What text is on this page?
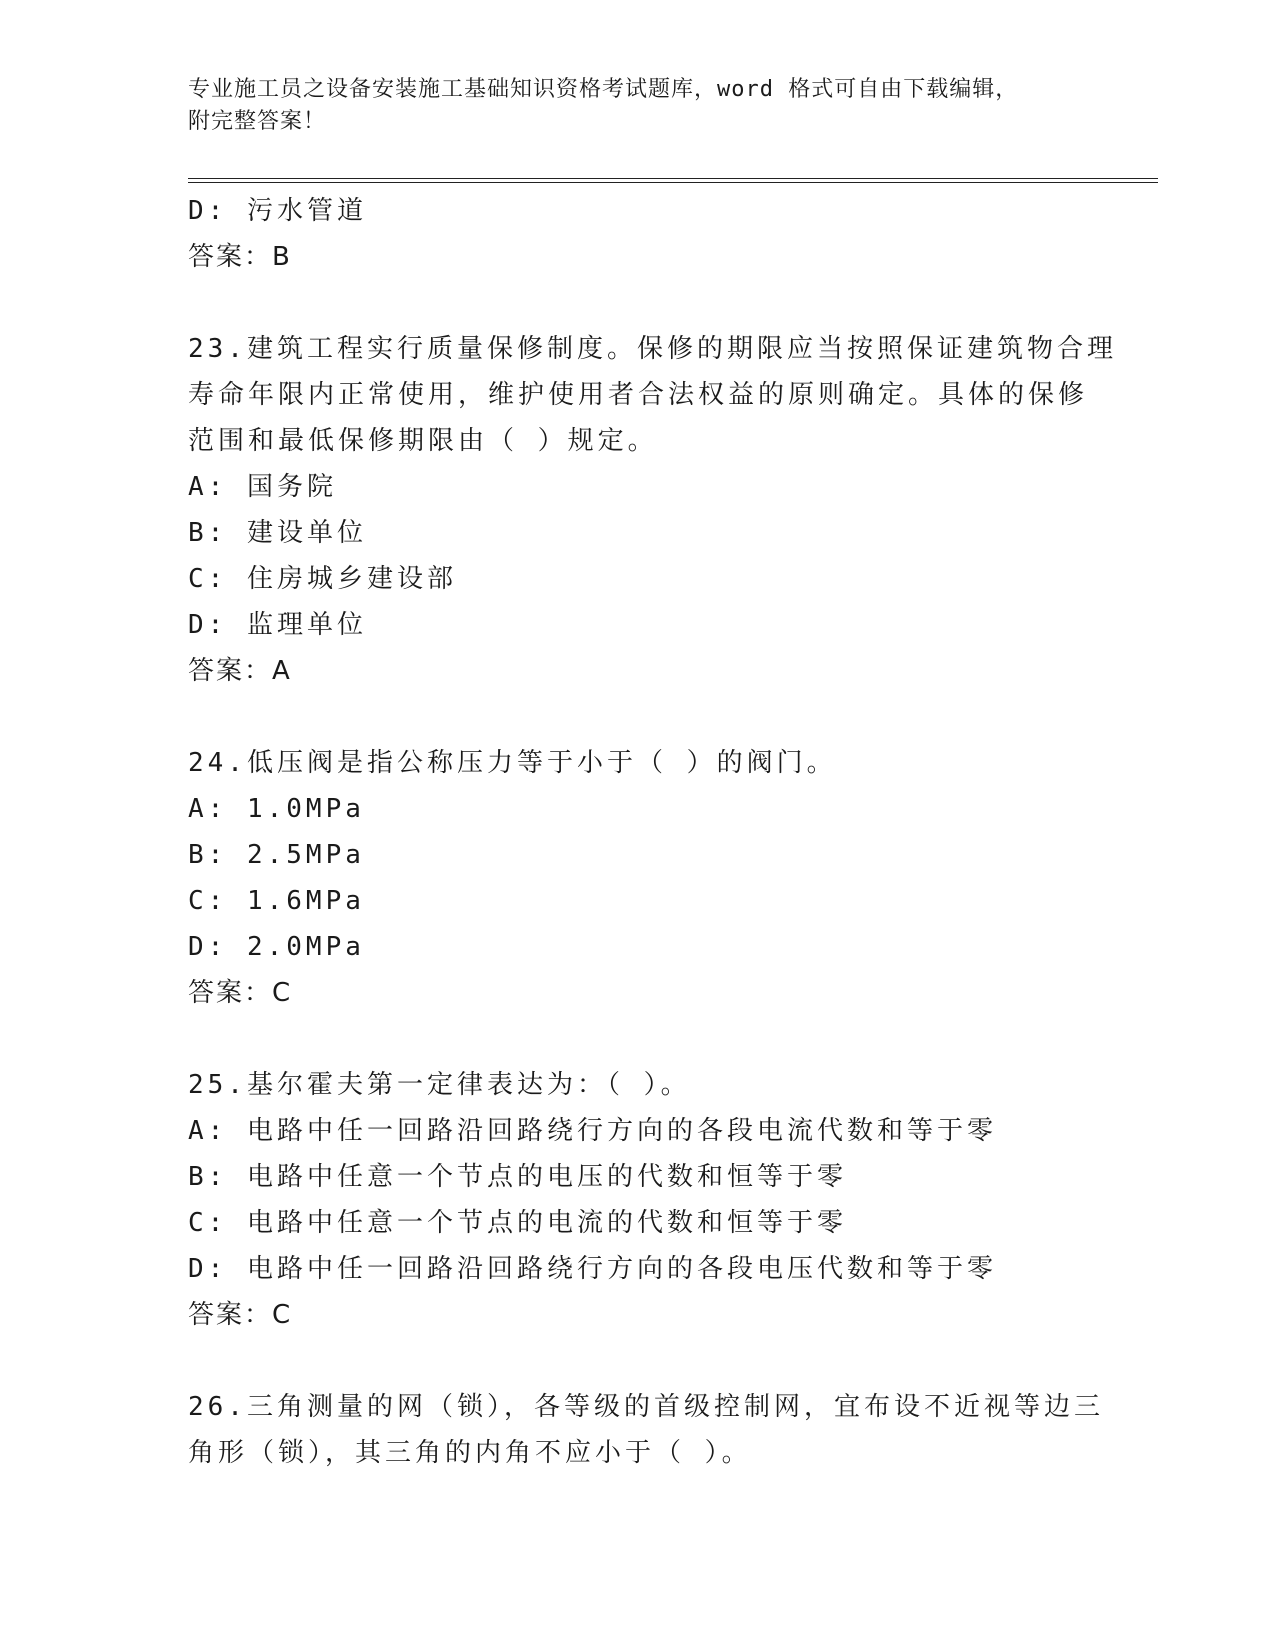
专业施工员之设备安装施工基础知识资格考试题库，word 格式可自由下载编辑，
附完整答案！
D: 污水管道
答案：B
23.建筑工程实行质量保修制度。保修的期限应当按照保证建筑物合理
寿命年限内正常使用，维护使用者合法权益的原则确定。具体的保修
范围和最低保修期限由（ ）规定。
A: 国务院
B: 建设单位
C: 住房城乡建设部
D: 监理单位
答案：A
24.低压阀是指公称压力等于小于（ ）的阀门。
A: 1.0MPa
B: 2.5MPa
C: 1.6MPa
D: 2.0MPa
答案：C
25.基尔霍夫第一定律表达为：（ ）。
A: 电路中任一回路沿回路绕行方向的各段电流代数和等于零
B: 电路中任意一个节点的电压的代数和恒等于零
C: 电路中任意一个节点的电流的代数和恒等于零
D: 电路中任一回路沿回路绕行方向的各段电压代数和等于零
答案：C
26.三角测量的网（锁），各等级的首级控制网，宜布设不近视等边三
角形（锁），其三角的内角不应小于（ ）。
